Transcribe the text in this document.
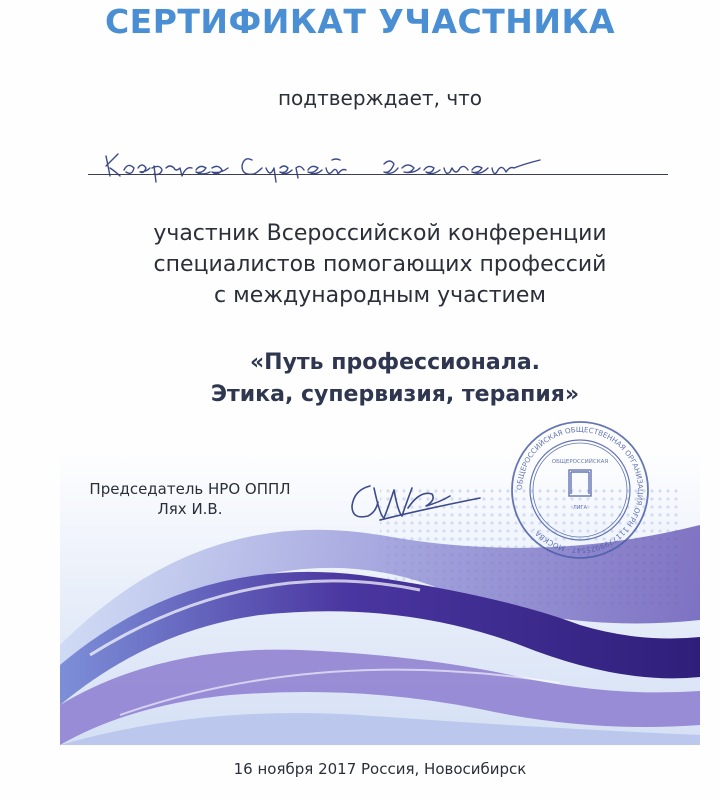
СЕРТИФИКАТ УЧАСТНИКА
подтверждает, что
участник Всероссийской конференции
специалистов помогающих профессий
с международным участием
«Путь профессионала.
Этика, супервизия, терапия»
Председатель НРО ОППЛ
Лях И.В.
ОБЩЕРОССИЙСКАЯ ОБЩЕСТВЕННАЯ ОРГАНИЗАЦИЯ ОГРН 1117799025547 · МОСКВА ·
ОБЩЕРОССИЙСКАЯ
ЛИГА
16 ноября 2017 Россия, Новосибирск
